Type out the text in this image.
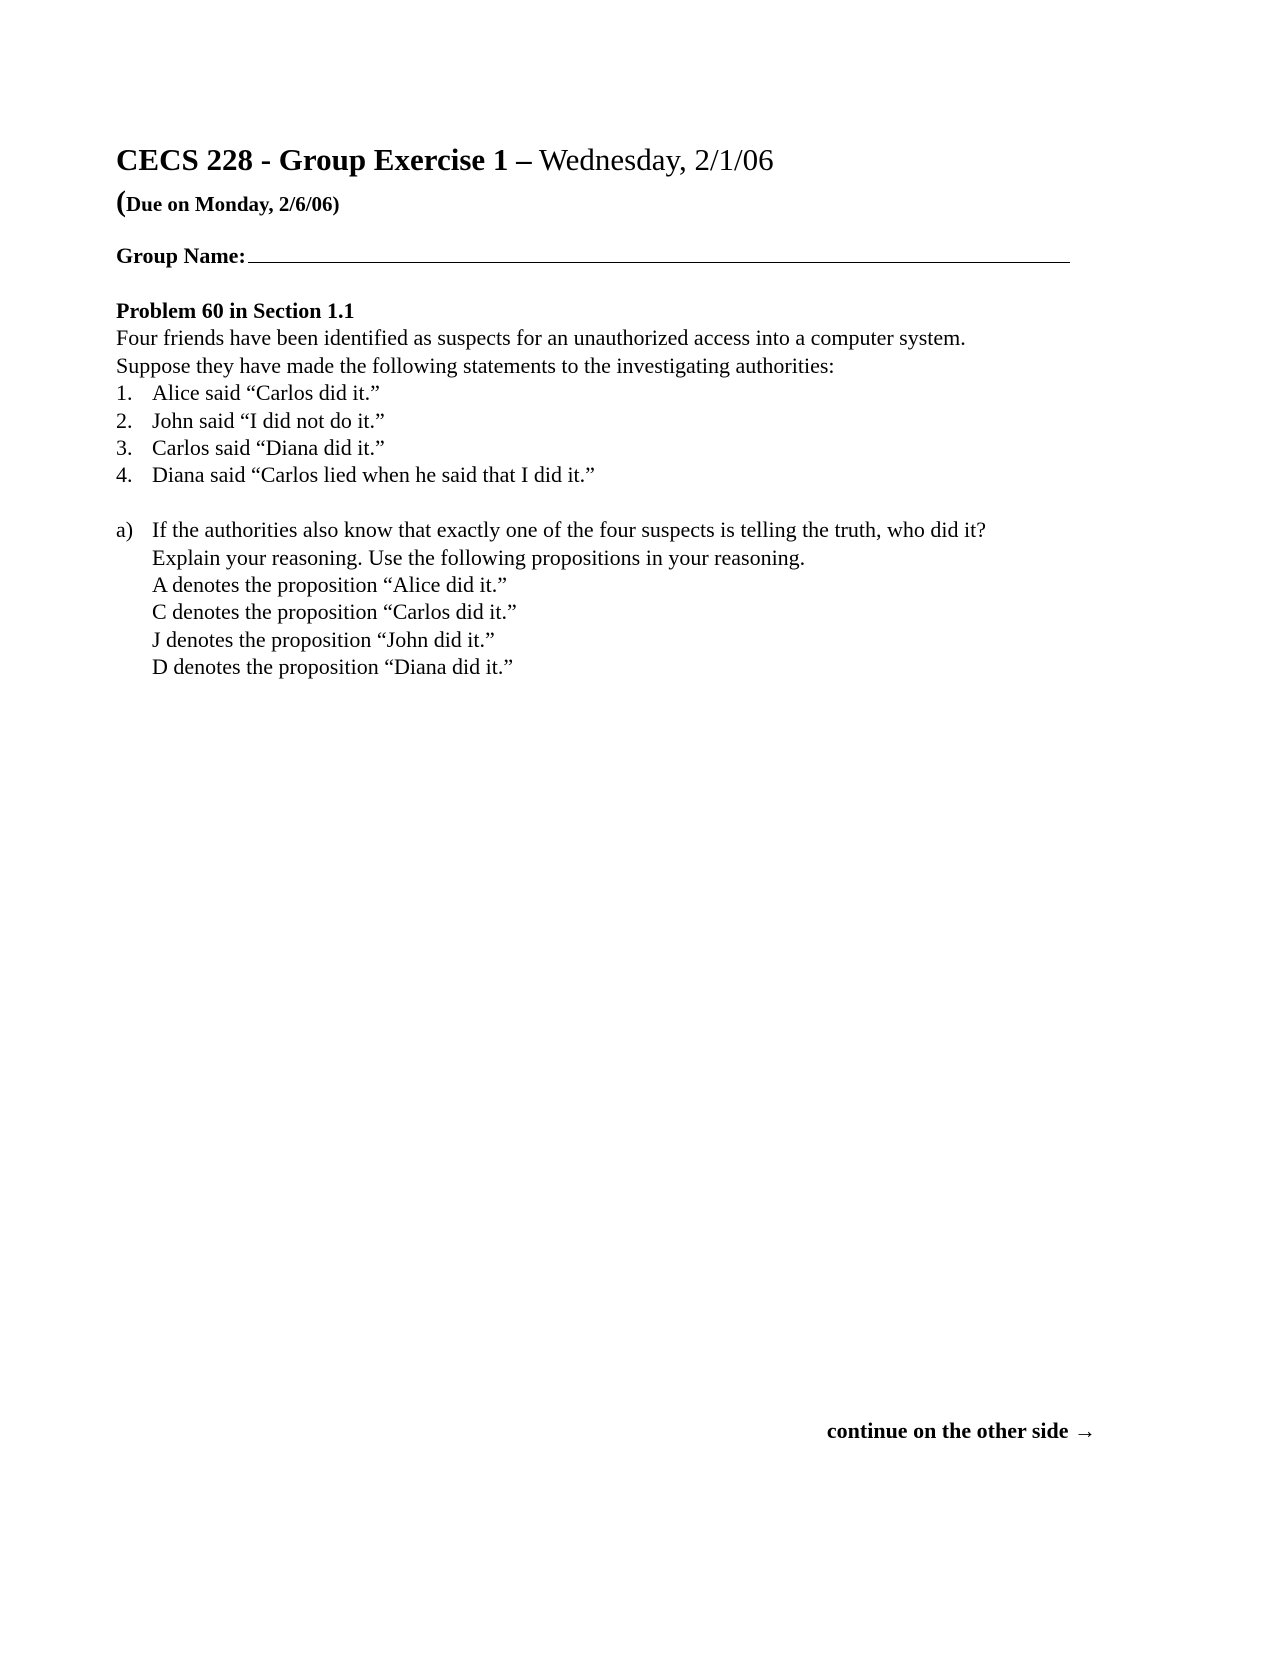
CECS 228 - Group Exercise 1 – Wednesday, 2/1/06
(Due on Monday, 2/6/06)
Group Name :
Problem 60 in Section 1.1
Four friends have been identified as suspects for an unauthorized access into a computer system.
Suppose they have made the following statements to the investigating authorities:
1. Alice said “Carlos did it.”
2. John said “I did not do it.”
3. Carlos said “Diana did it.”
4. Diana said “Carlos lied when he said that I did it.”
a) If the authorities also know that exactly one of the four suspects is telling the truth, who did it?
Explain your reasoning. Use the following propositions in your reasoning.
A denotes the proposition “Alice did it.”
C denotes the proposition “Carlos did it.”
J denotes the proposition “John did it.”
D denotes the proposition “Diana did it.”
continue on the other side →
